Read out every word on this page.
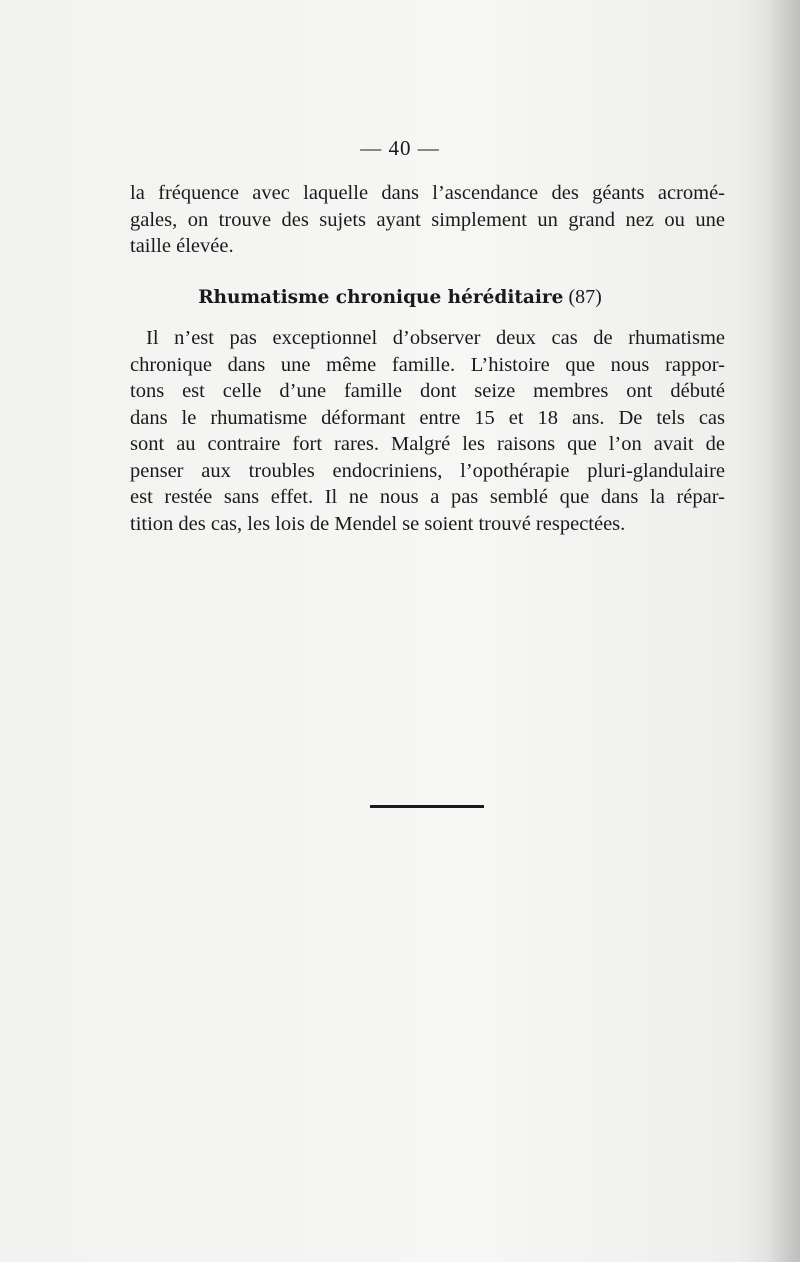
— 40 —
la fréquence avec laquelle dans l’ascendance des géants acromé-
gales, on trouve des sujets ayant simplement un grand nez ou une
taille élevée.
Rhumatisme chronique héréditaire (87)
Il n’est pas exceptionnel d’observer deux cas de rhumatisme
chronique dans une même famille. L’histoire que nous rappor-
tons est celle d’une famille dont seize membres ont débuté
dans le rhumatisme déformant entre 15 et 18 ans. De tels cas
sont au contraire fort rares. Malgré les raisons que l’on avait de
penser aux troubles endocriniens, l’opothérapie pluri-glandulaire
est restée sans effet. Il ne nous a pas semblé que dans la répar-
tition des cas, les lois de Mendel se soient trouvé respectées.
